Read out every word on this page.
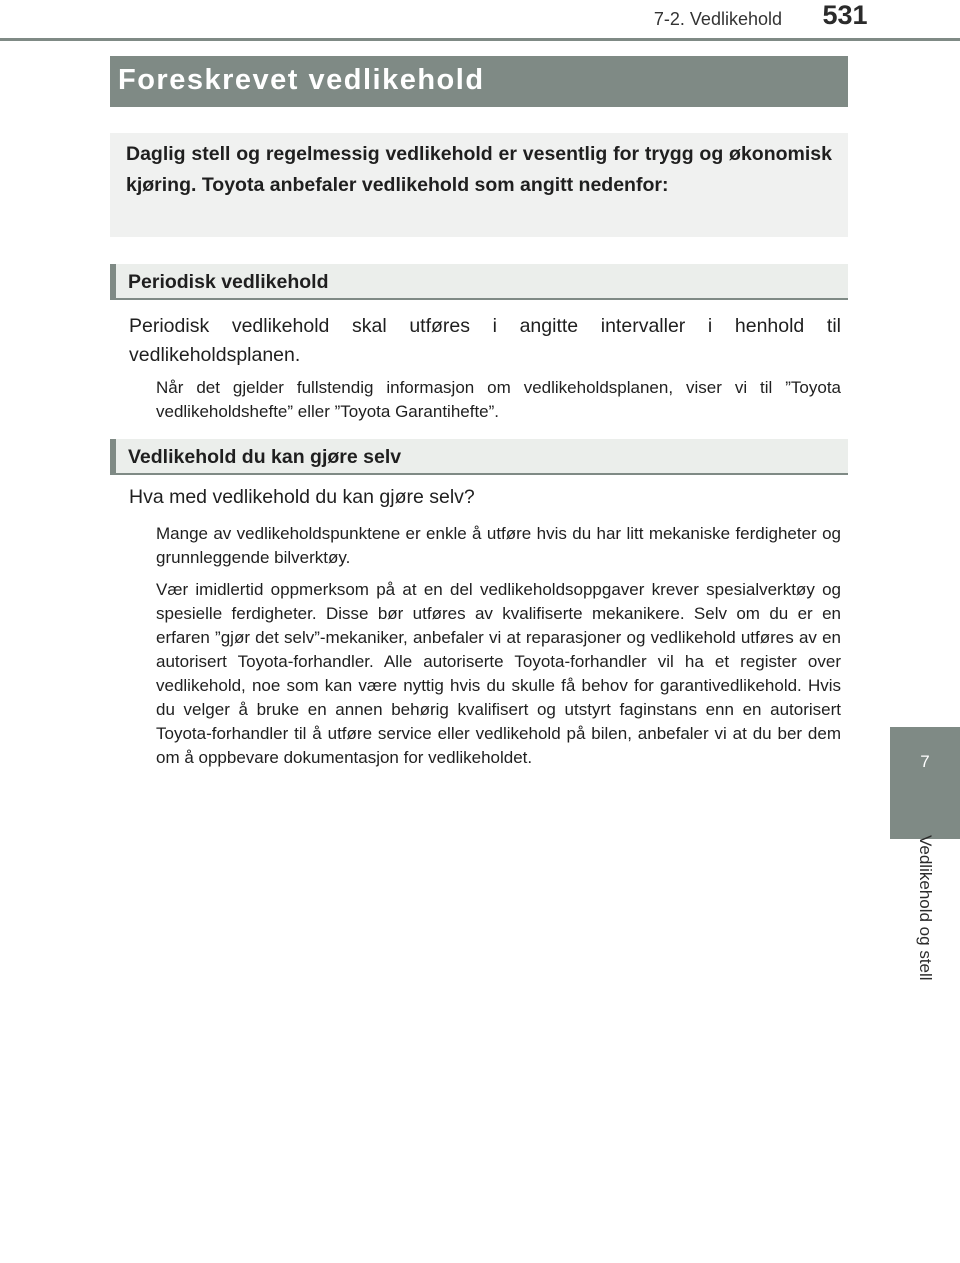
7-2. Vedlikehold	531
7
Vedlikehold og stell
Foreskrevet vedlikehold
Daglig stell og regelmessig vedlikehold er vesentlig for trygg og økonomisk kjøring. Toyota anbefaler vedlikehold som angitt nedenfor:
Periodisk vedlikehold

Periodisk vedlikehold skal utføres i angitte intervaller i henhold til vedlikeholdsplanen.

Når det gjelder fullstendig informasjon om vedlikeholdsplanen, viser vi til ”Toyota vedlikeholdshefte” eller ”Toyota Garantihefte”.

Vedlikehold du kan gjøre selv

Hva med vedlikehold du kan gjøre selv?

Mange av vedlikeholdspunktene er enkle å utføre hvis du har litt mekaniske ferdigheter og grunnleggende bilverktøy.

Vær imidlertid oppmerksom på at en del vedlikeholdsoppgaver krever spesialverktøy og spesielle ferdigheter. Disse bør utføres av kvalifiserte mekanikere. Selv om du er en erfaren ”gjør det selv”-mekaniker, anbefaler vi at reparasjoner og vedlikehold utføres av en autorisert Toyota-forhandler. Alle autoriserte Toyota-forhandler vil ha et register over vedlikehold, noe som kan være nyttig hvis du skulle få behov for garantivedlikehold. Hvis du velger å bruke en annen behørig kvalifisert og utstyrt faginstans enn en autorisert Toyota-forhandler til å utføre service eller vedlikehold på bilen, anbefaler vi at du ber dem om å oppbevare dokumentasjon for vedlikeholdet.
